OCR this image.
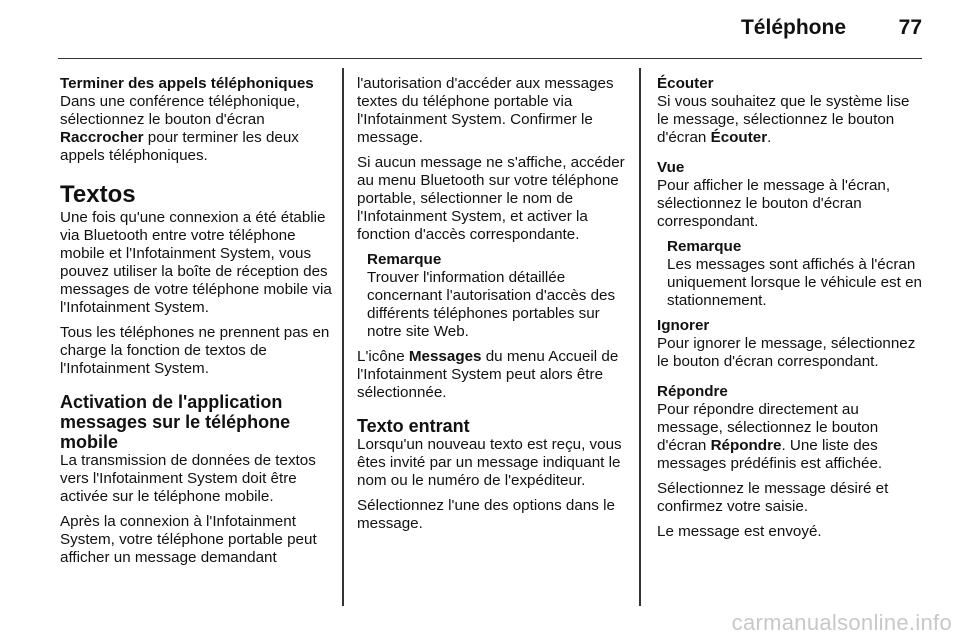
Téléphone	77
Terminer des appels téléphoniques

Dans une conférence téléphonique, sélectionnez le bouton d'écran Raccrocher pour terminer les deux appels téléphoniques.

Textos

Une fois qu'une connexion a été établie via Bluetooth entre votre téléphone mobile et l'Infotainment System, vous pouvez utiliser la boîte de réception des messages de votre téléphone mobile via l'Infotainment System.

Tous les téléphones ne prennent pas en charge la fonction de textos de l'Infotainment System.

Activation de l'application messages sur le téléphone mobile

La transmission de données de textos vers l'Infotainment System doit être activée sur le téléphone mobile.

Après la connexion à l'Infotainment System, votre téléphone portable peut afficher un message demandant

l'autorisation d'accéder aux messages textes du téléphone portable via l'Infotainment System. Confirmer le message.

Si aucun message ne s'affiche, accéder au menu Bluetooth sur votre téléphone portable, sélectionner le nom de l'Infotainment System, et activer la fonction d'accès correspondante.

Remarque
Trouver l'information détaillée concernant l'autorisation d'accès des différents téléphones portables sur notre site Web.

L'icône Messages du menu Accueil de l'Infotainment System peut alors être sélectionnée.

Texto entrant

Lorsqu'un nouveau texto est reçu, vous êtes invité par un message indiquant le nom ou le numéro de l'expéditeur.

Sélectionnez l'une des options dans le message.

Écouter

Si vous souhaitez que le système lise le message, sélectionnez le bouton d'écran Écouter.

Vue

Pour afficher le message à l'écran, sélectionnez le bouton d'écran correspondant.

Remarque
Les messages sont affichés à l'écran uniquement lorsque le véhicule est en stationnement.
Ignorer

Pour ignorer le message, sélectionnez le bouton d'écran correspondant.

Répondre

Pour répondre directement au message, sélectionnez le bouton d'écran Répondre. Une liste des messages prédéfinis est affichée.

Sélectionnez le message désiré et confirmez votre saisie.

Le message est envoyé.

carmanualsonline.info
